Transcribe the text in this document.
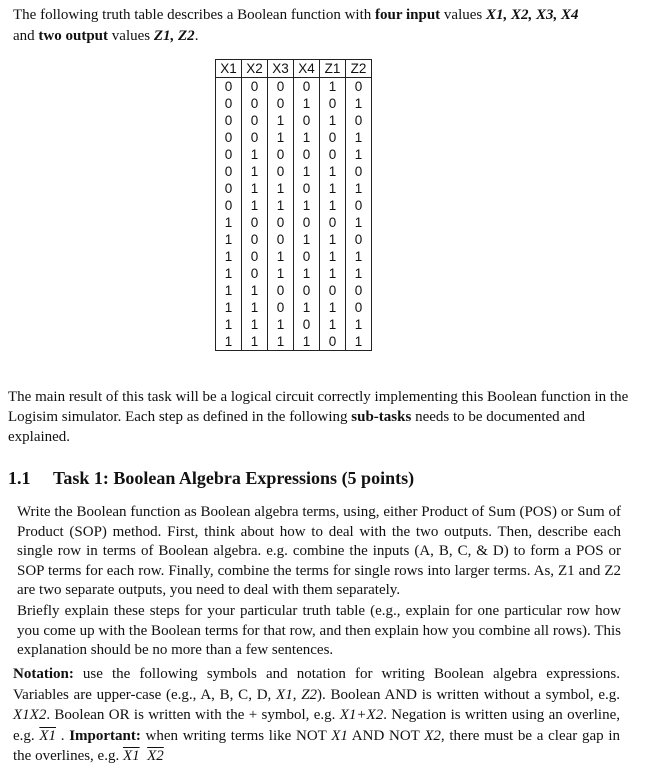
The following truth table describes a Boolean function with four input values X1, X2, X3, X4
and two output values Z1, Z2.
X1	X2	X3	X4	Z1	Z2
0	0	0	0	1	0
0	0	0	1	0	1
0	0	1	0	1	0
0	0	1	1	0	1
0	1	0	0	0	1
0	1	0	1	1	0
0	1	1	0	1	1
0	1	1	1	1	0
1	0	0	0	0	1
1	0	0	1	1	0
1	0	1	0	1	1
1	0	1	1	1	1
1	1	0	0	0	0
1	1	0	1	1	0
1	1	1	0	1	1
1	1	1	1	0	1
The main result of this task will be a logical circuit correctly implementing this Boolean function in the Logisim simulator. Each step as defined in the following sub-tasks needs to be documented and explained.
1.1 Task 1: Boolean Algebra Expressions (5 points)
Write the Boolean function as Boolean algebra terms, using, either Product of Sum (POS) or Sum of Product (SOP) method. First, think about how to deal with the two outputs. Then, describe each single row in terms of Boolean algebra. e.g. combine the inputs (A, B, C, & D) to form a POS or SOP terms for each row. Finally, combine the terms for single rows into larger terms. As, Z1 and Z2 are two separate outputs, you need to deal with them separately.
Briefly explain these steps for your particular truth table (e.g., explain for one particular row how you come up with the Boolean terms for that row, and then explain how you combine all rows). This explanation should be no more than a few sentences.
Notation: use the following symbols and notation for writing Boolean algebra expressions. Variables are upper-case (e.g., A, B, C, D, X1, Z2). Boolean AND is written without a symbol, e.g. X1X2. Boolean OR is written with the + symbol, e.g. X1+X2. Negation is written using an overline, e.g. X1 . Important: when writing terms like NOT X1 AND NOT X2, there must be a clear gap in the overlines, e.g. X1 X2
